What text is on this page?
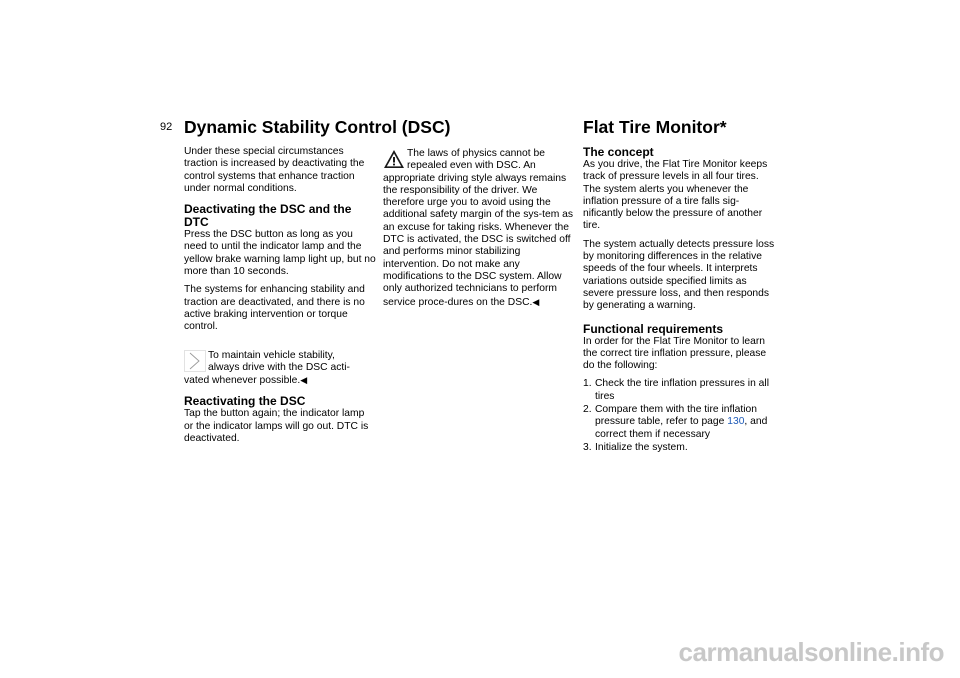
92 Dynamic Stability Control (DSC)	Flat Tire Monitor*

Under these special circumstances traction is increased by deactivating the control systems that enhance traction under normal conditions.

Deactivating the DSC and the DTC

Press the DSC button as long as you need to until the indicator lamp and the yellow brake warning lamp light up, but no more than 10 seconds.

The systems for enhancing stability and traction are deactivated, and there is no active braking intervention or torque control.

To maintain vehicle stability,
always drive with the DSC acti-
vated whenever possible.◀
Reactivating the DSC

Tap the button again; the indicator lamp or the indicator lamps will go out. DTC is deactivated.

The laws of physics cannot be
repealed even with DSC. An
appropriate driving style always remains the responsibility of the driver. We therefore urge you to avoid using the additional safety margin of the sys-tem as an excuse for taking risks. Whenever the DTC is activated, the DSC is switched off and performs minor stabilizing intervention. Do not make any modifications to the DSC system. Allow only authorized technicians to perform service proce-dures on the DSC.◀
The concept

As you drive, the Flat Tire Monitor keeps track of pressure levels in all four tires. The system alerts you whenever the inflation pressure of a tire falls sig-nificantly below the pressure of another tire.

The system actually detects pressure loss by monitoring differences in the relative speeds of the four wheels. It interprets variations outside specified limits as severe pressure loss, and then responds by generating a warning.

Functional requirements

In order for the Flat Tire Monitor to learn the correct tire inflation pressure, please do the following:

1. Check the tire inflation pressures in all tires
2. Compare them with the tire inflation pressure table, refer to page 130, and correct them if necessary
3. Initialize the system.
carmanualsonline.info
